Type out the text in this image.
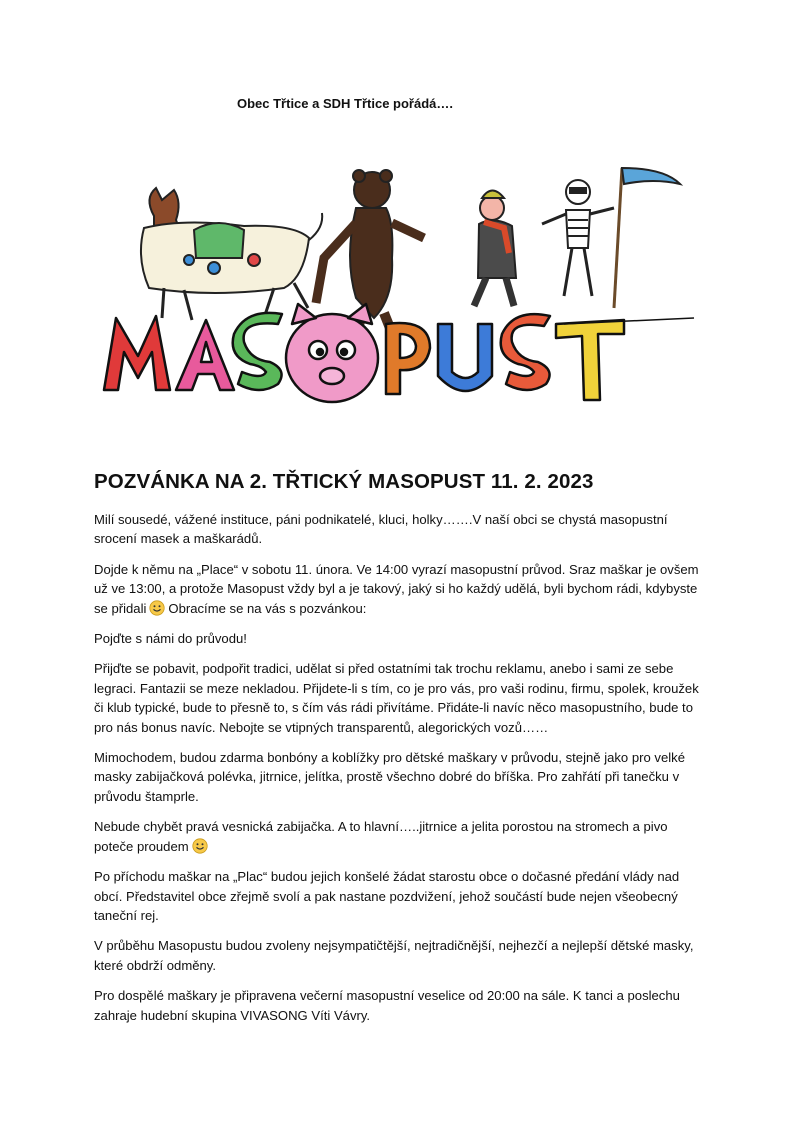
Obec Třtice a SDH Třtice pořádá….
POZVÁNKA NA 2. TŘTICKÝ MASOPUST 11. 2. 2023

Milí sousedé, vážené instituce, páni podnikatelé, kluci, holky…….V naší obci se chystá masopustní srocení masek a maškarádů.

Dojde k němu na „Place“ v sobotu 11. února. Ve 14:00 vyrazí masopustní průvod. Sraz maškar je ovšem už ve 13:00, a protože Masopust vždy byl a je takový, jaký si ho každý udělá, byli bychom rádi, kdybyste se přidali Obracíme se na vás s pozvánkou:

Pojďte s námi do průvodu!

Přijďte se pobavit, podpořit tradici, udělat si před ostatními tak trochu reklamu, anebo i sami ze sebe legraci. Fantazii se meze nekladou. Přijdete-li s tím, co je pro vás, pro vaši rodinu, firmu, spolek, kroužek či klub typické, bude to přesně to, s čím vás rádi přivítáme. Přidáte-li navíc něco masopustního, bude to pro nás bonus navíc. Nebojte se vtipných transparentů, alegorických vozů……

Mimochodem, budou zdarma bonbóny a koblížky pro dětské maškary v průvodu, stejně jako pro velké masky zabijačková polévka, jitrnice, jelítka, prostě všechno dobré do bříška. Pro zahřátí při tanečku v průvodu štamprle.

Nebude chybět pravá vesnická zabijačka. A to hlavní…..jitrnice a jelita porostou na stromech a pivo poteče proudem

Po příchodu maškar na „Plac“ budou jejich konšelé žádat starostu obce o dočasné předání vlády nad obcí. Představitel obce zřejmě svolí a pak nastane pozdvižení, jehož součástí bude nejen všeobecný taneční rej.

V průběhu Masopustu budou zvoleny nejsympatičtější, nejtradičnější, nejhezčí a nejlepší dětské masky, které obdrží odměny.

Pro dospělé maškary je připravena večerní masopustní veselice od 20:00 na sále. K tanci a poslechu zahraje hudební skupina VIVASONG Víti Vávry.
